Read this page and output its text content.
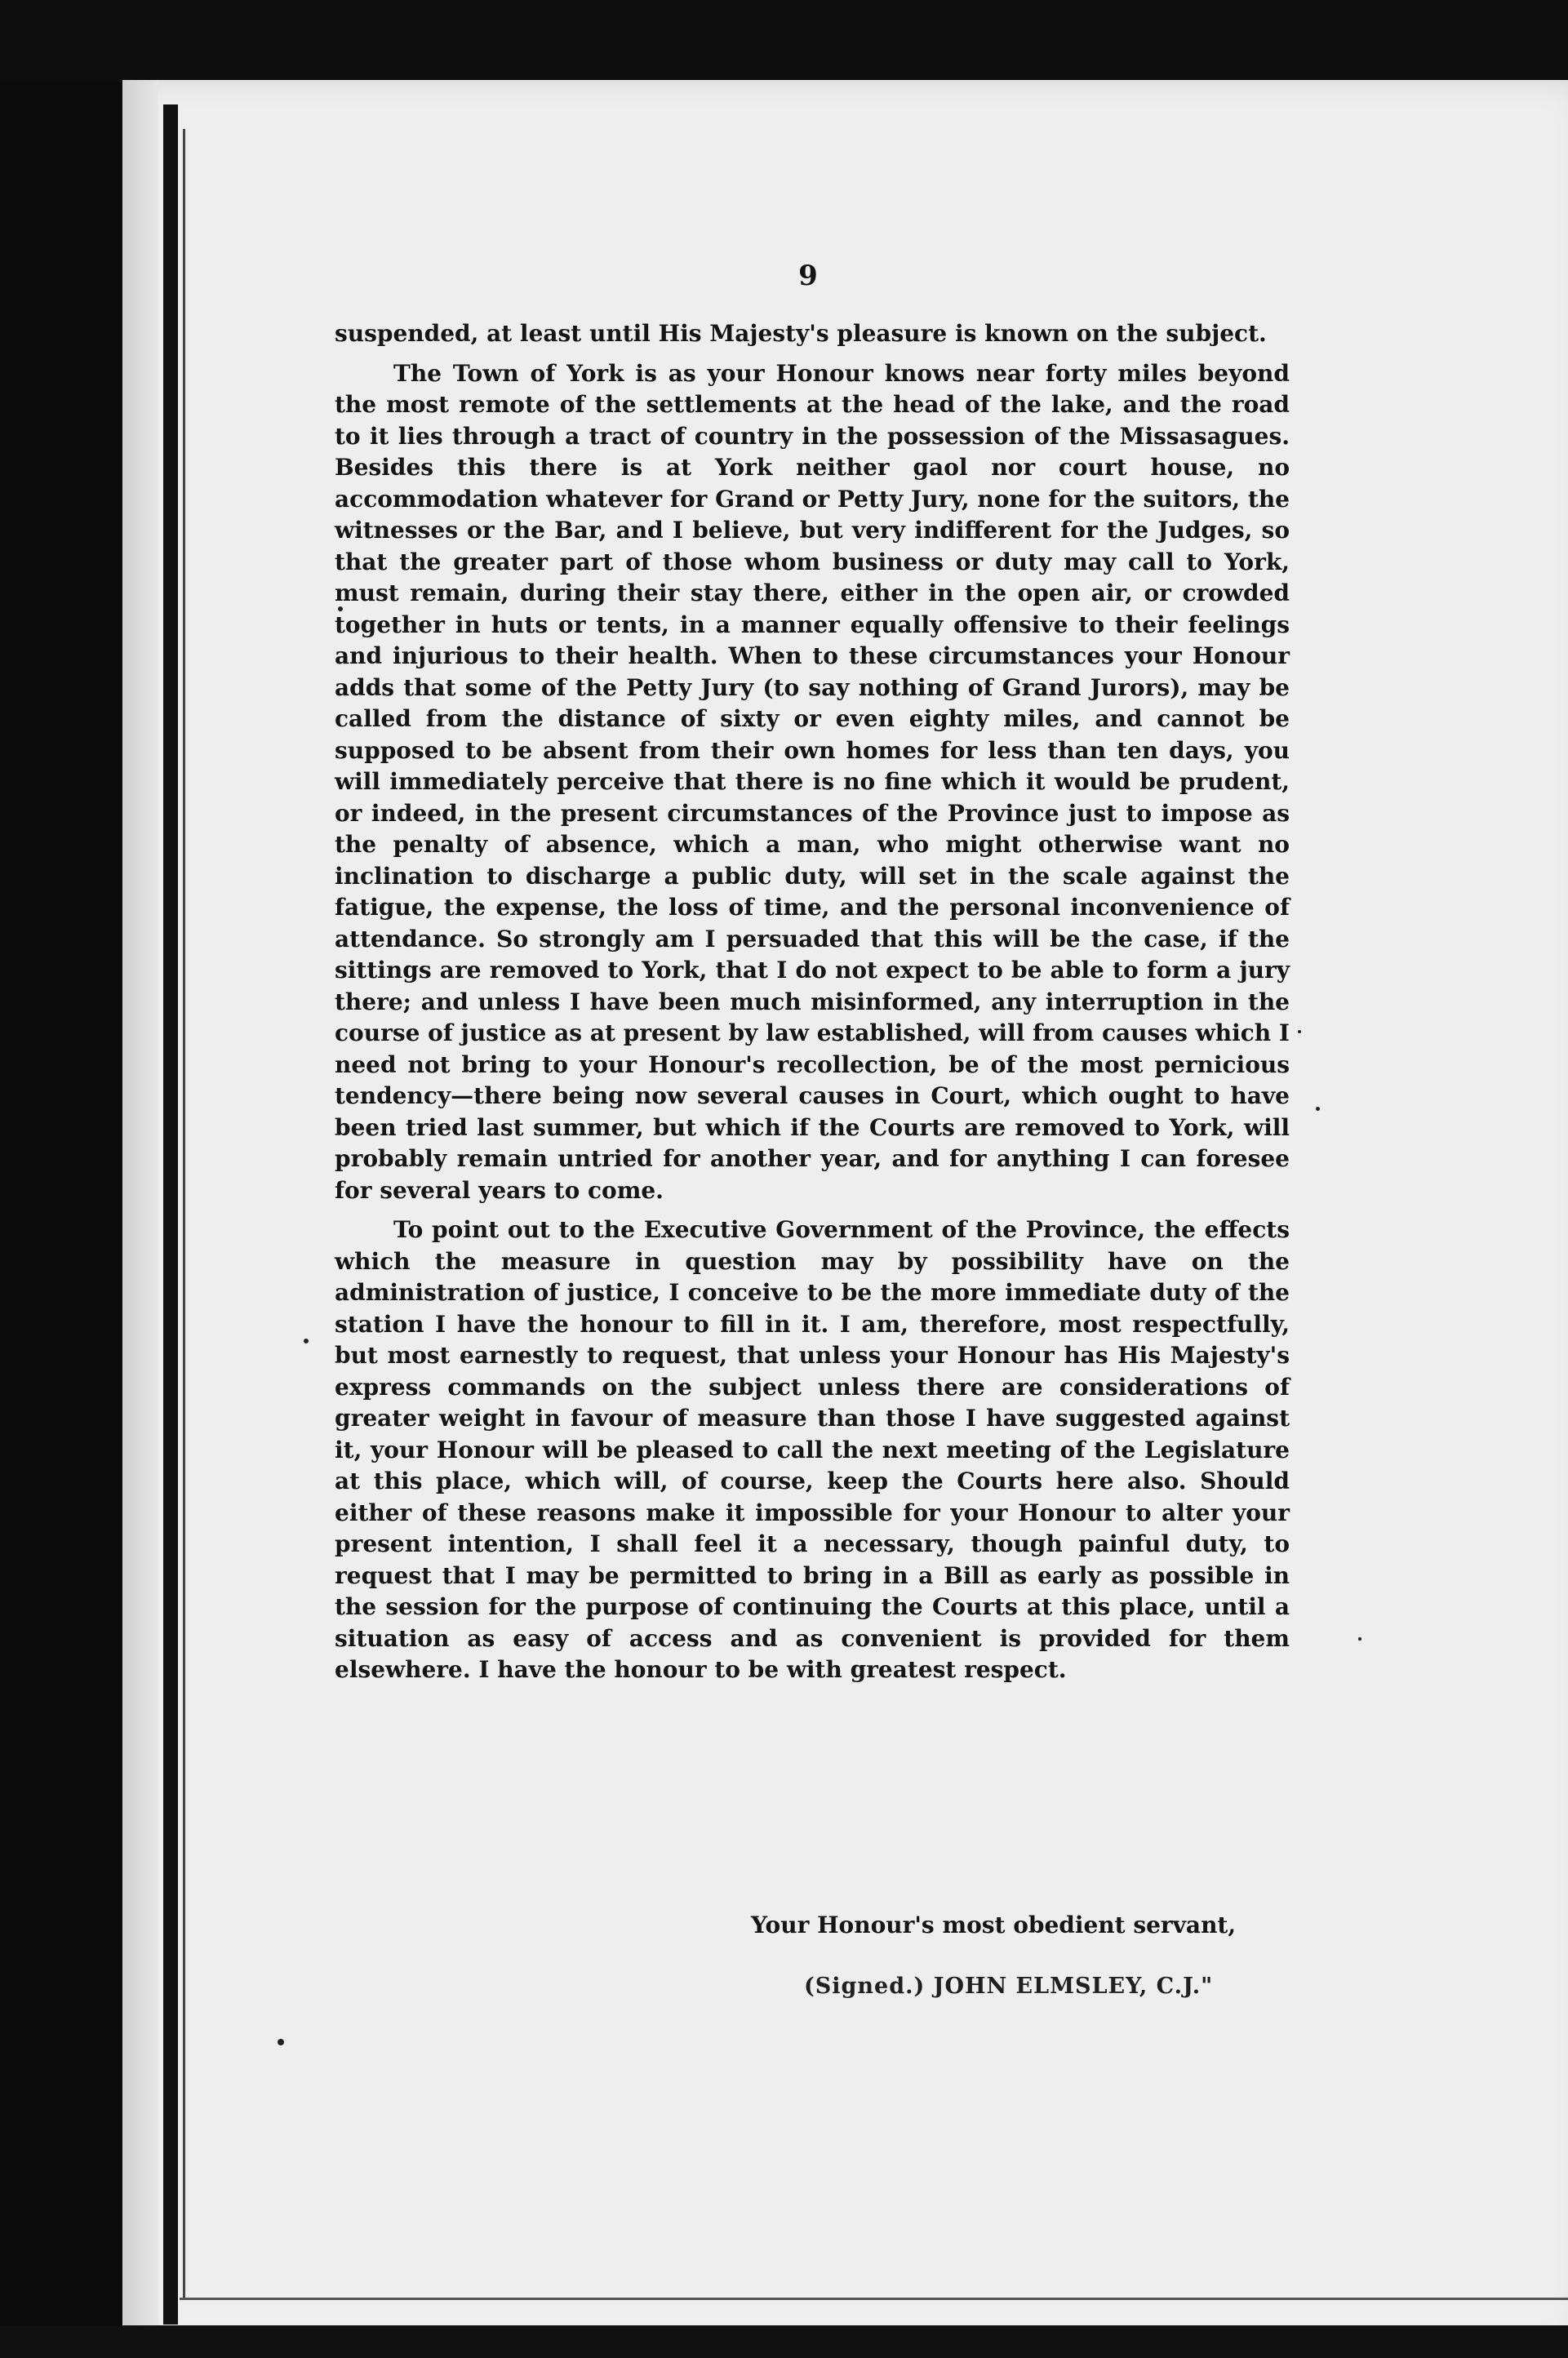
9

suspended, at least until His Majesty's pleasure is known on the subject.

The Town of York is as your Honour knows near forty miles beyond the most remote of the settlements at the head of the lake, and the road to it lies through a tract of country in the possession of the Missasagues. Besides this there is at York neither gaol nor court house, no accommodation whatever for Grand or Petty Jury, none for the suitors, the witnesses or the Bar, and I believe, but very indifferent for the Judges, so that the greater part of those whom business or duty may call to York, must remain, during their stay there, either in the open air, or crowded together in huts or tents, in a manner equally offensive to their feelings and injurious to their health. When to these circumstances your Honour adds that some of the Petty Jury (to say nothing of Grand Jurors), may be called from the distance of sixty or even eighty miles, and cannot be supposed to be absent from their own homes for less than ten days, you will immediately perceive that there is no fine which it would be prudent, or indeed, in the present circumstances of the Province just to impose as the penalty of absence, which a man, who might otherwise want no inclination to discharge a public duty, will set in the scale against the fatigue, the expense, the loss of time, and the personal inconvenience of attendance. So strongly am I persuaded that this will be the case, if the sittings are removed to York, that I do not expect to be able to form a jury there; and unless I have been much misinformed, any interruption in the course of justice as at present by law established, will from causes which I need not bring to your Honour's recollection, be of the most pernicious tendency—there being now several causes in Court, which ought to have been tried last summer, but which if the Courts are removed to York, will probably remain untried for another year, and for anything I can foresee for several years to come.

To point out to the Executive Government of the Province, the effects which the measure in question may by possibility have on the administration of justice, I conceive to be the more immediate duty of the station I have the honour to fill in it. I am, therefore, most respectfully, but most earnestly to request, that unless your Honour has His Majesty's express commands on the subject unless there are considerations of greater weight in favour of measure than those I have suggested against it, your Honour will be pleased to call the next meeting of the Legislature at this place, which will, of course, keep the Courts here also. Should either of these reasons make it impossible for your Honour to alter your present intention, I shall feel it a necessary, though painful duty, to request that I may be permitted to bring in a Bill as early as possible in the session for the purpose of continuing the Courts at this place, until a situation as easy of access and as convenient is provided for them elsewhere. I have the honour to be with greatest respect.

Your Honour's most obedient servant,
(Signed.) JOHN ELMSLEY, C.J."
